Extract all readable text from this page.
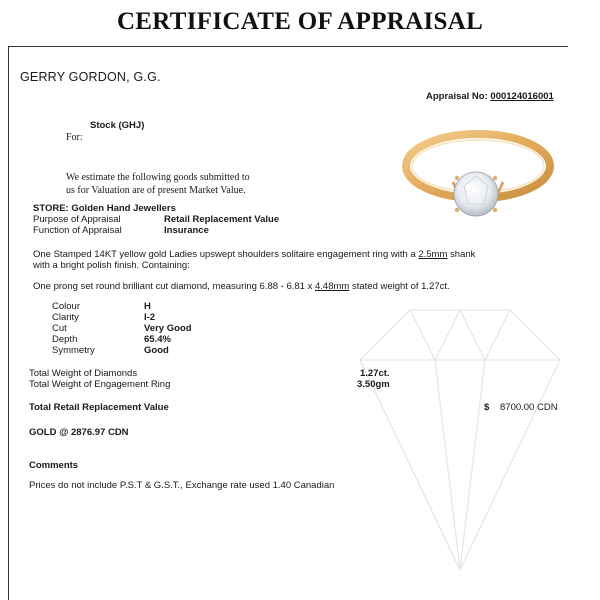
CERTIFICATE OF APPRAISAL
GERRY GORDON, G.G.
Appraisal No: 000124016001
Stock (GHJ)
For:
We estimate the following goods submitted to
us for Valuation are of present Market Value.
STORE: Golden Hand Jewellers
Purpose of Appraisal	Retail Replacement Value
Function of Appraisal	Insurance
One Stamped 14KT yellow gold Ladies upswept shoulders solitaire engagement ring with a 2.5mm shank
with a bright polish finish. Containing:
One prong set round brilliant cut diamond, measuring 6.88 - 6.81 x 4.48mm stated weight of 1.27ct.
Colour	H
Clarity	I-2
Cut	Very Good
Depth	65.4%
Symmetry	Good
Total Weight of Diamonds	1.27ct.
Total Weight of Engagement Ring	3.50gm
Total Retail Replacement Value	$ 8700.00 CDN
GOLD @ 2876.97 CDN
Comments
Prices do not include P.S.T & G.S.T., Exchange rate used 1.40 Canadian
